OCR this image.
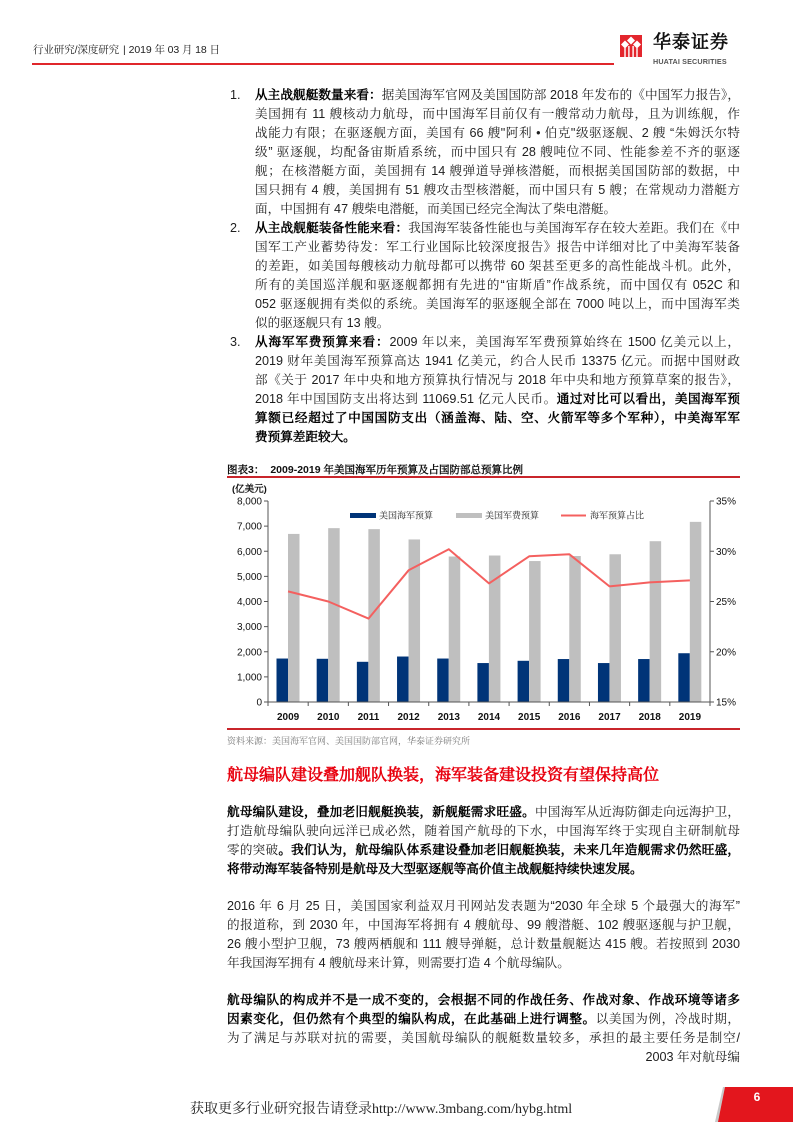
行业研究/深度研究 | 2019 年 03 月 18 日	华泰证券
HUATAI SECURITIES
1.	从主战舰艇数量来看：据美国海军官网及美国国防部 2018 年发布的《中国军力报告》，
美国拥有 11 艘核动力航母，而中国海军目前仅有一艘常动力航母，且为训练舰，作
战能力有限；在驱逐舰方面，美国有 66 艘"阿利 • 伯克"级驱逐舰、2 艘 “朱姆沃尔特
级” 驱逐舰，均配备宙斯盾系统，而中国只有 28 艘吨位不同、性能参差不齐的驱逐
舰；在核潜艇方面，美国拥有 14 艘弹道导弹核潜艇，而根据美国国防部的数据，中
国只拥有 4 艘，美国拥有 51 艘攻击型核潜艇，而中国只有 5 艘；在常规动力潜艇方
面，中国拥有 47 艘柴电潜艇，而美国已经完全淘汰了柴电潜艇。
2.	从主战舰艇装备性能来看：我国海军装备性能也与美国海军存在较大差距。我们在《中
国军工产业蓄势待发：军工行业国际比较深度报告》报告中详细对比了中美海军装备
的差距，如美国每艘核动力航母都可以携带 60 架甚至更多的高性能战斗机。此外，
所有的美国巡洋舰和驱逐舰都拥有先进的“宙斯盾”作战系统，而中国仅有 052C 和
052 驱逐舰拥有类似的系统。美国海军的驱逐舰全部在 7000 吨以上，而中国海军类
似的驱逐舰只有 13 艘。
3.	从海军军费预算来看：2009 年以来，美国海军军费预算始终在 1500 亿美元以上，
2019 财年美国海军预算高达 1941 亿美元，约合人民币 13375 亿元。而据中国财政
部《关于 2017 年中央和地方预算执行情况与 2018 年中央和地方预算草案的报告》，
2018 年中国国防支出将达到 11069.51 亿元人民币。通过对比可以看出，美国海军预
算额已经超过了中国国防支出（涵盖海、陆、空、火箭军等多个军种），中美海军军
费预算差距较大。
图表3： 2009-2019 年美国海军历年预算及占国防部总预算比例
美国海军预算	美国军费预算	海军预算占比
(亿美元)
0
1,000
2,000
3,000
4,000
5,000
6,000
7,000
8,000
15%
20%
25%
30%
35%
2009 2010 2011 2012 2013 2014 2015 2016 2017 2018 2019
资料来源：美国海军官网、美国国防部官网，华泰证券研究所
航母编队建设叠加舰队换装，海军装备建设投资有望保持高位
航母编队建设，叠加老旧舰艇换装，新舰艇需求旺盛。中国海军从近海防御走向远海护卫，
打造航母编队驶向远洋已成必然，随着国产航母的下水，中国海军终于实现自主研制航母
零的突破。我们认为，航母编队体系建设叠加老旧舰艇换装，未来几年造舰需求仍然旺盛，
将带动海军装备特别是航母及大型驱逐舰等高价值主战舰艇持续快速发展。
2016 年 6 月 25 日，美国国家利益双月刊网站发表题为“2030 年全球 5 个最强大的海军”
的报道称，到 2030 年，中国海军将拥有 4 艘航母、99 艘潜艇、102 艘驱逐舰与护卫舰，
26 艘小型护卫舰，73 艘两栖舰和 111 艘导弹艇，总计数量舰艇达 415 艘。若按照到 2030
年我国海军拥有 4 艘航母来计算，则需要打造 4 个航母编队。
航母编队的构成并不是一成不变的，会根据不同的作战任务、作战对象、作战环境等诸多
因素变化，但仍然有个典型的编队构成，在此基础上进行调整。以美国为例，冷战时期，
为了满足与苏联对抗的需要，美国航母编队的舰艇数量较多，承担的最主要任务是制空/
2003 年对航母编
获取更多行业研究报告请登录http://www.3mbang.com/hybg.html
6
